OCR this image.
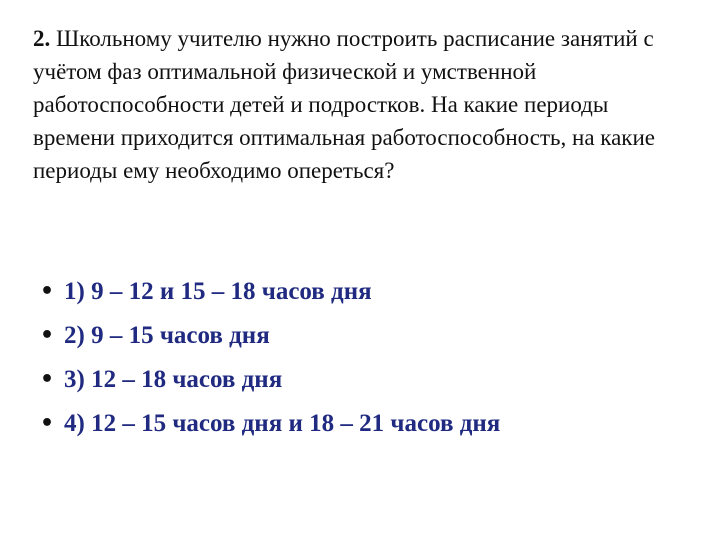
2. Школьному учителю нужно построить расписание занятий с учётом фаз оптимальной физической и умственной работоспособности детей и подростков. На какие периоды времени приходится оптимальная работоспособность, на какие периоды ему необходимо опереться?
• 1) 9 – 12 и 15 – 18 часов дня
• 2) 9 – 15 часов дня
• 3) 12 – 18 часов дня
• 4) 12 – 15 часов дня и 18 – 21 часов дня
